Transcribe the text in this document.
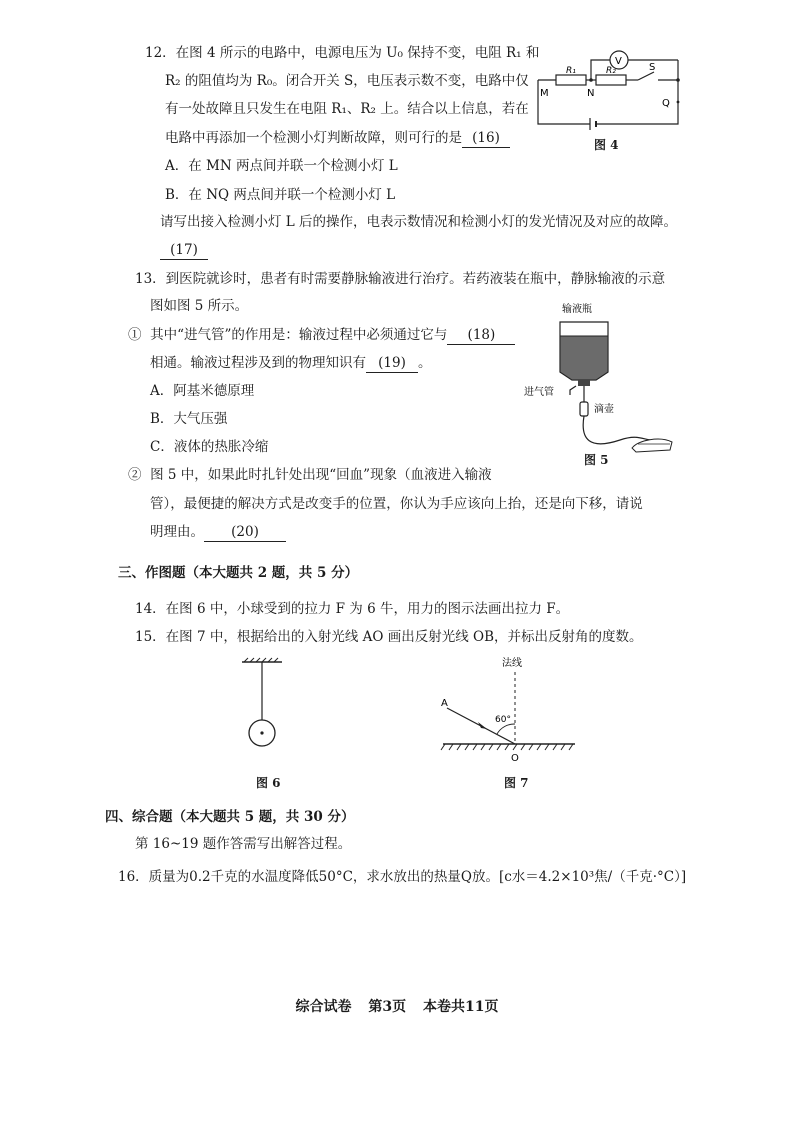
12．在图 4 所示的电路中，电源电压为 U₀ 保持不变，电阻 R₁ 和
R₂ 的阻值均为 R₀。闭合开关 S，电压表示数不变，电路中仅
有一处故障且只发生在电阻 R₁、R₂ 上。结合以上信息，若在
电路中再添加一个检测小灯判断故障，则可行的是 (16)
A．在 MN 两点间并联一个检测小灯 L
B．在 NQ 两点间并联一个检测小灯 L
请写出接入检测小灯 L 后的操作，电表示数情况和检测小灯的发光情况及对应的故障。
(17)
R₁	R₂
V
S
M	N
Q
图 4
13．到医院就诊时，患者有时需要静脉输液进行治疗。若药液装在瓶中，静脉输液的示意
图如图 5 所示。
① 其中“进气管”的作用是：输液过程中必须通过它与 (18)
相通。输液过程涉及到的物理知识有 (19) 。
A．阿基米德原理
B．大气压强
C．液体的热胀冷缩
② 图 5 中，如果此时扎针处出现“回血”现象（血液进入输液
管），最便捷的解决方式是改变手的位置，你认为手应该向上抬，还是向下移，请说
明理由。 (20)
输液瓶
进气管
滴壶
图 5
三、作图题（本大题共 2 题，共 5 分）
14．在图 6 中，小球受到的拉力 F 为 6 牛，用力的图示法画出拉力 F。
15．在图 7 中，根据给出的入射光线 AO 画出反射光线 OB，并标出反射角的度数。
图 6
法线
A
60°
O
图 7
四、综合题（本大题共 5 题，共 30 分）
第 16~19 题作答需写出解答过程。
16．质量为0.2千克的水温度降低50°C，求水放出的热量Q放。[c水＝4.2×10³焦/（千克·°C）]
综合试卷 第3页 本卷共11页
